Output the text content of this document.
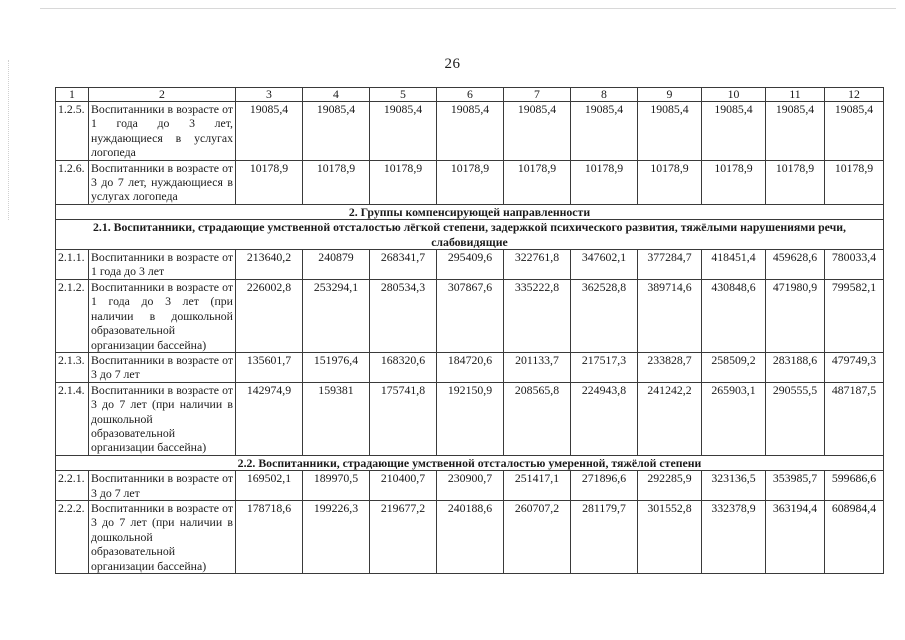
26
1	2	3	4	5	6	7	8	9	10	11	12
1.2.5.	Воспитанники в возрасте от 1 года до 3 лет, нуждающиеся в услугах логопеда	19085,4	19085,4	19085,4	19085,4	19085,4	19085,4	19085,4	19085,4	19085,4	19085,4
1.2.6.	Воспитанники в возрасте от 3 до 7 лет, нуждающиеся в услугах логопеда	10178,9	10178,9	10178,9	10178,9	10178,9	10178,9	10178,9	10178,9	10178,9	10178,9
2. Группы компенсирующей направленности											
2.1. Воспитанники, страдающие умственной отсталостью лёгкой степени, задержкой психического развития, тяжёлыми нарушениями речи, слабовидящие											
2.1.1.	Воспитанники в возрасте от 1 года до 3 лет	213640,2	240879	268341,7	295409,6	322761,8	347602,1	377284,7	418451,4	459628,6	780033,4
2.1.2.	Воспитанники в возрасте от 1 года до 3 лет (при наличии в дошкольной образовательной организации бассейна)	226002,8	253294,1	280534,3	307867,6	335222,8	362528,8	389714,6	430848,6	471980,9	799582,1
2.1.3.	Воспитанники в возрасте от 3 до 7 лет	135601,7	151976,4	168320,6	184720,6	201133,7	217517,3	233828,7	258509,2	283188,6	479749,3
2.1.4.	Воспитанники в возрасте от 3 до 7 лет (при наличии в дошкольной образовательной организации бассейна)	142974,9	159381	175741,8	192150,9	208565,8	224943,8	241242,2	265903,1	290555,5	487187,5
2.2. Воспитанники, страдающие умственной отсталостью умеренной, тяжёлой степени											
2.2.1.	Воспитанники в возрасте от 3 до 7 лет	169502,1	189970,5	210400,7	230900,7	251417,1	271896,6	292285,9	323136,5	353985,7	599686,6
2.2.2.	Воспитанники в возрасте от 3 до 7 лет (при наличии в дошкольной образовательной организации бассейна)	178718,6	199226,3	219677,2	240188,6	260707,2	281179,7	301552,8	332378,9	363194,4	608984,4
